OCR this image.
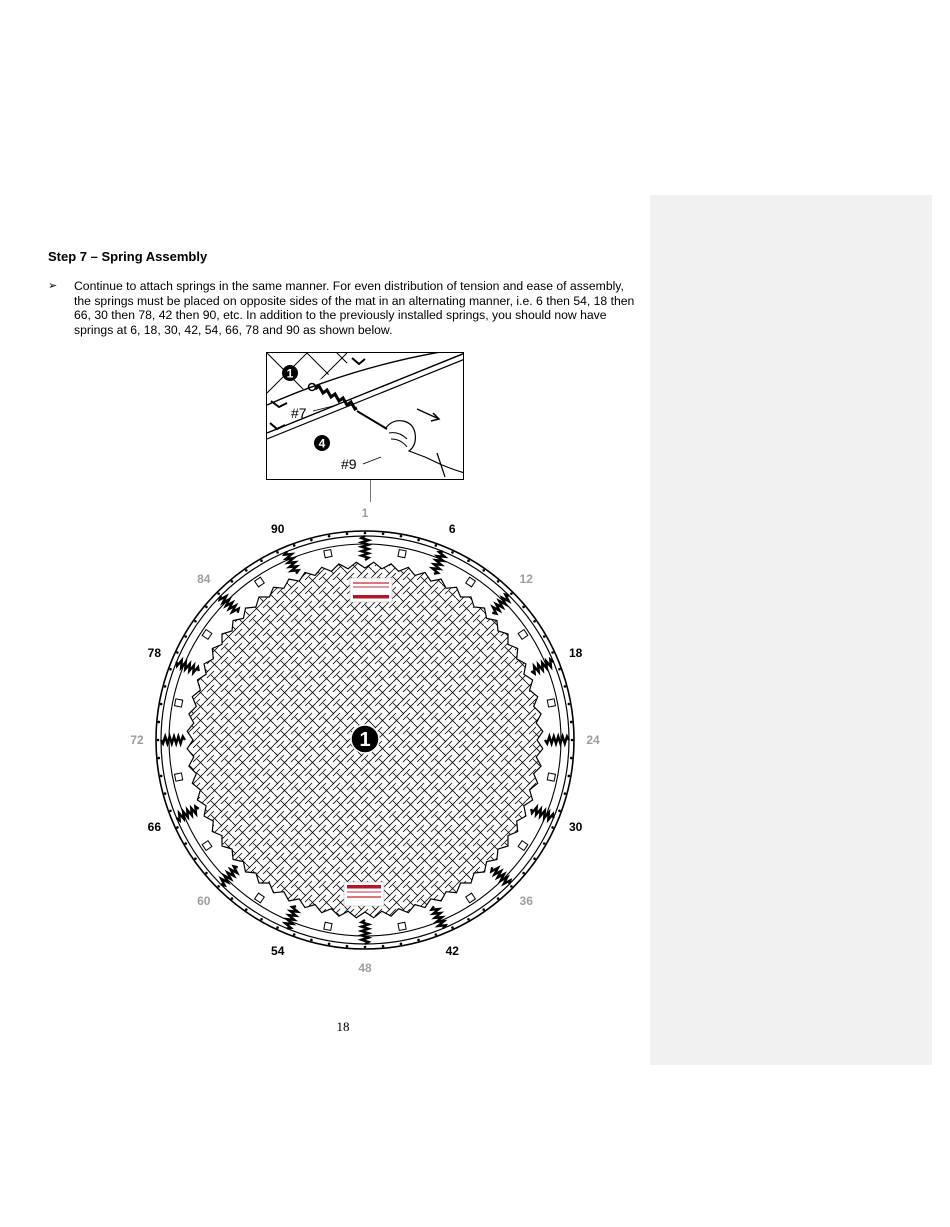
Step 7 – Spring Assembly
➢ Continue to attach springs in the same manner. For even distribution of tension and ease of assembly, the springs must be placed on opposite sides of the mat in an alternating manner, i.e. 6 then 54, 18 then 66, 30 then 78, 42 then 90, etc. In addition to the previously installed springs, you should now have springs at 6, 18, 30, 42, 54, 66, 78 and 90 as shown below.

1
4
#7
#9
1
1
6
12
18
24
30
36
42
48
54
60
66
72
78
84
90
18
